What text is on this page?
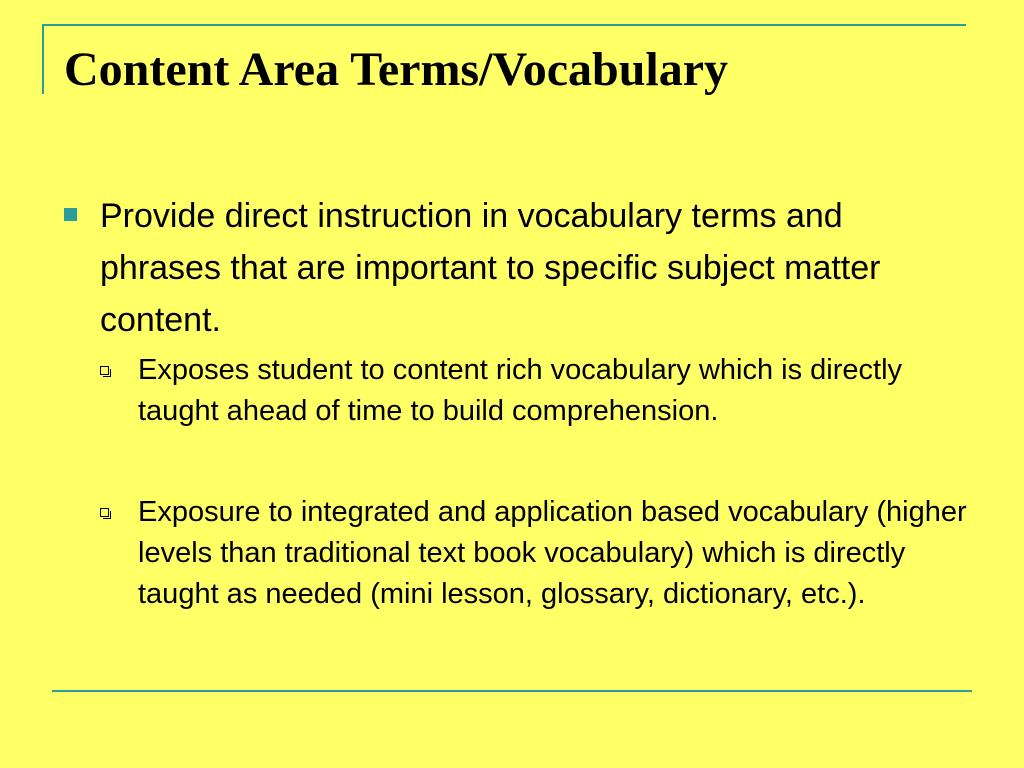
Content Area Terms/Vocabulary
Provide direct instruction in vocabulary terms and phrases that are important to specific subject matter content.
Exposes student to content rich vocabulary which is directly taught ahead of time to build comprehension.
Exposure to integrated and application based vocabulary (higher levels than traditional text book vocabulary) which is directly taught as needed (mini lesson, glossary, dictionary, etc.).
